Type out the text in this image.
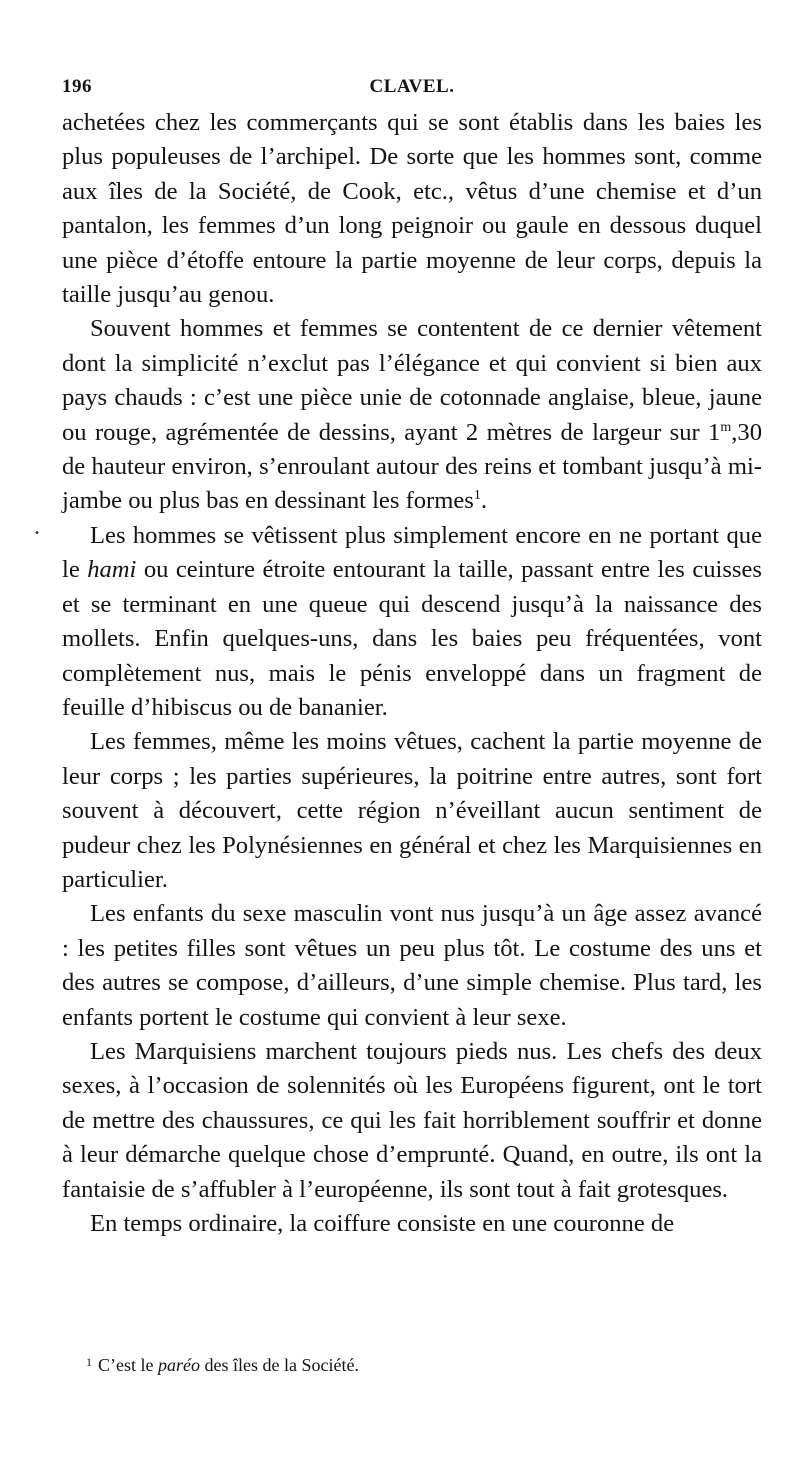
196	CLAVEL.
.

achetées chez les commerçants qui se sont établis dans les baies les plus populeuses de l’archipel. De sorte que les hommes sont, comme aux îles de la Société, de Cook, etc., vêtus d’une chemise et d’un pantalon, les femmes d’un long peignoir ou gaule en dessous duquel une pièce d’étoffe entoure la partie moyenne de leur corps, depuis la taille jusqu’au genou.

Souvent hommes et femmes se contentent de ce dernier vêtement dont la simplicité n’exclut pas l’élégance et qui convient si bien aux pays chauds : c’est une pièce unie de cotonnade anglaise, bleue, jaune ou rouge, agrémentée de dessins, ayant 2 mètres de largeur sur 1$^m$,30 de hauteur environ, s’enroulant autour des reins et tombant jusqu’à mi-jambe ou plus bas en dessinant les formes$^1$.

Les hommes se vêtissent plus simplement encore en ne portant que le hami ou ceinture étroite entourant la taille, passant entre les cuisses et se terminant en une queue qui descend jusqu’à la naissance des mollets. Enfin quelques-uns, dans les baies peu fréquentées, vont complètement nus, mais le pénis enveloppé dans un fragment de feuille d’hibiscus ou de bananier.

Les femmes, même les moins vêtues, cachent la partie moyenne de leur corps ; les parties supérieures, la poitrine entre autres, sont fort souvent à découvert, cette région n’éveillant aucun sentiment de pudeur chez les Polynésiennes en général et chez les Marquisiennes en particulier.

Les enfants du sexe masculin vont nus jusqu’à un âge assez avancé : les petites filles sont vêtues un peu plus tôt. Le costume des uns et des autres se compose, d’ailleurs, d’une simple chemise. Plus tard, les enfants portent le costume qui convient à leur sexe.

Les Marquisiens marchent toujours pieds nus. Les chefs des deux sexes, à l’occasion de solennités où les Européens figurent, ont le tort de mettre des chaussures, ce qui les fait horriblement souffrir et donne à leur démarche quelque chose d’emprunté. Quand, en outre, ils ont la fantaisie de s’affubler à l’européenne, ils sont tout à fait grotesques.

En temps ordinaire, la coiffure consiste en une couronne de

$^1$ C’est le paréo des îles de la Société.
